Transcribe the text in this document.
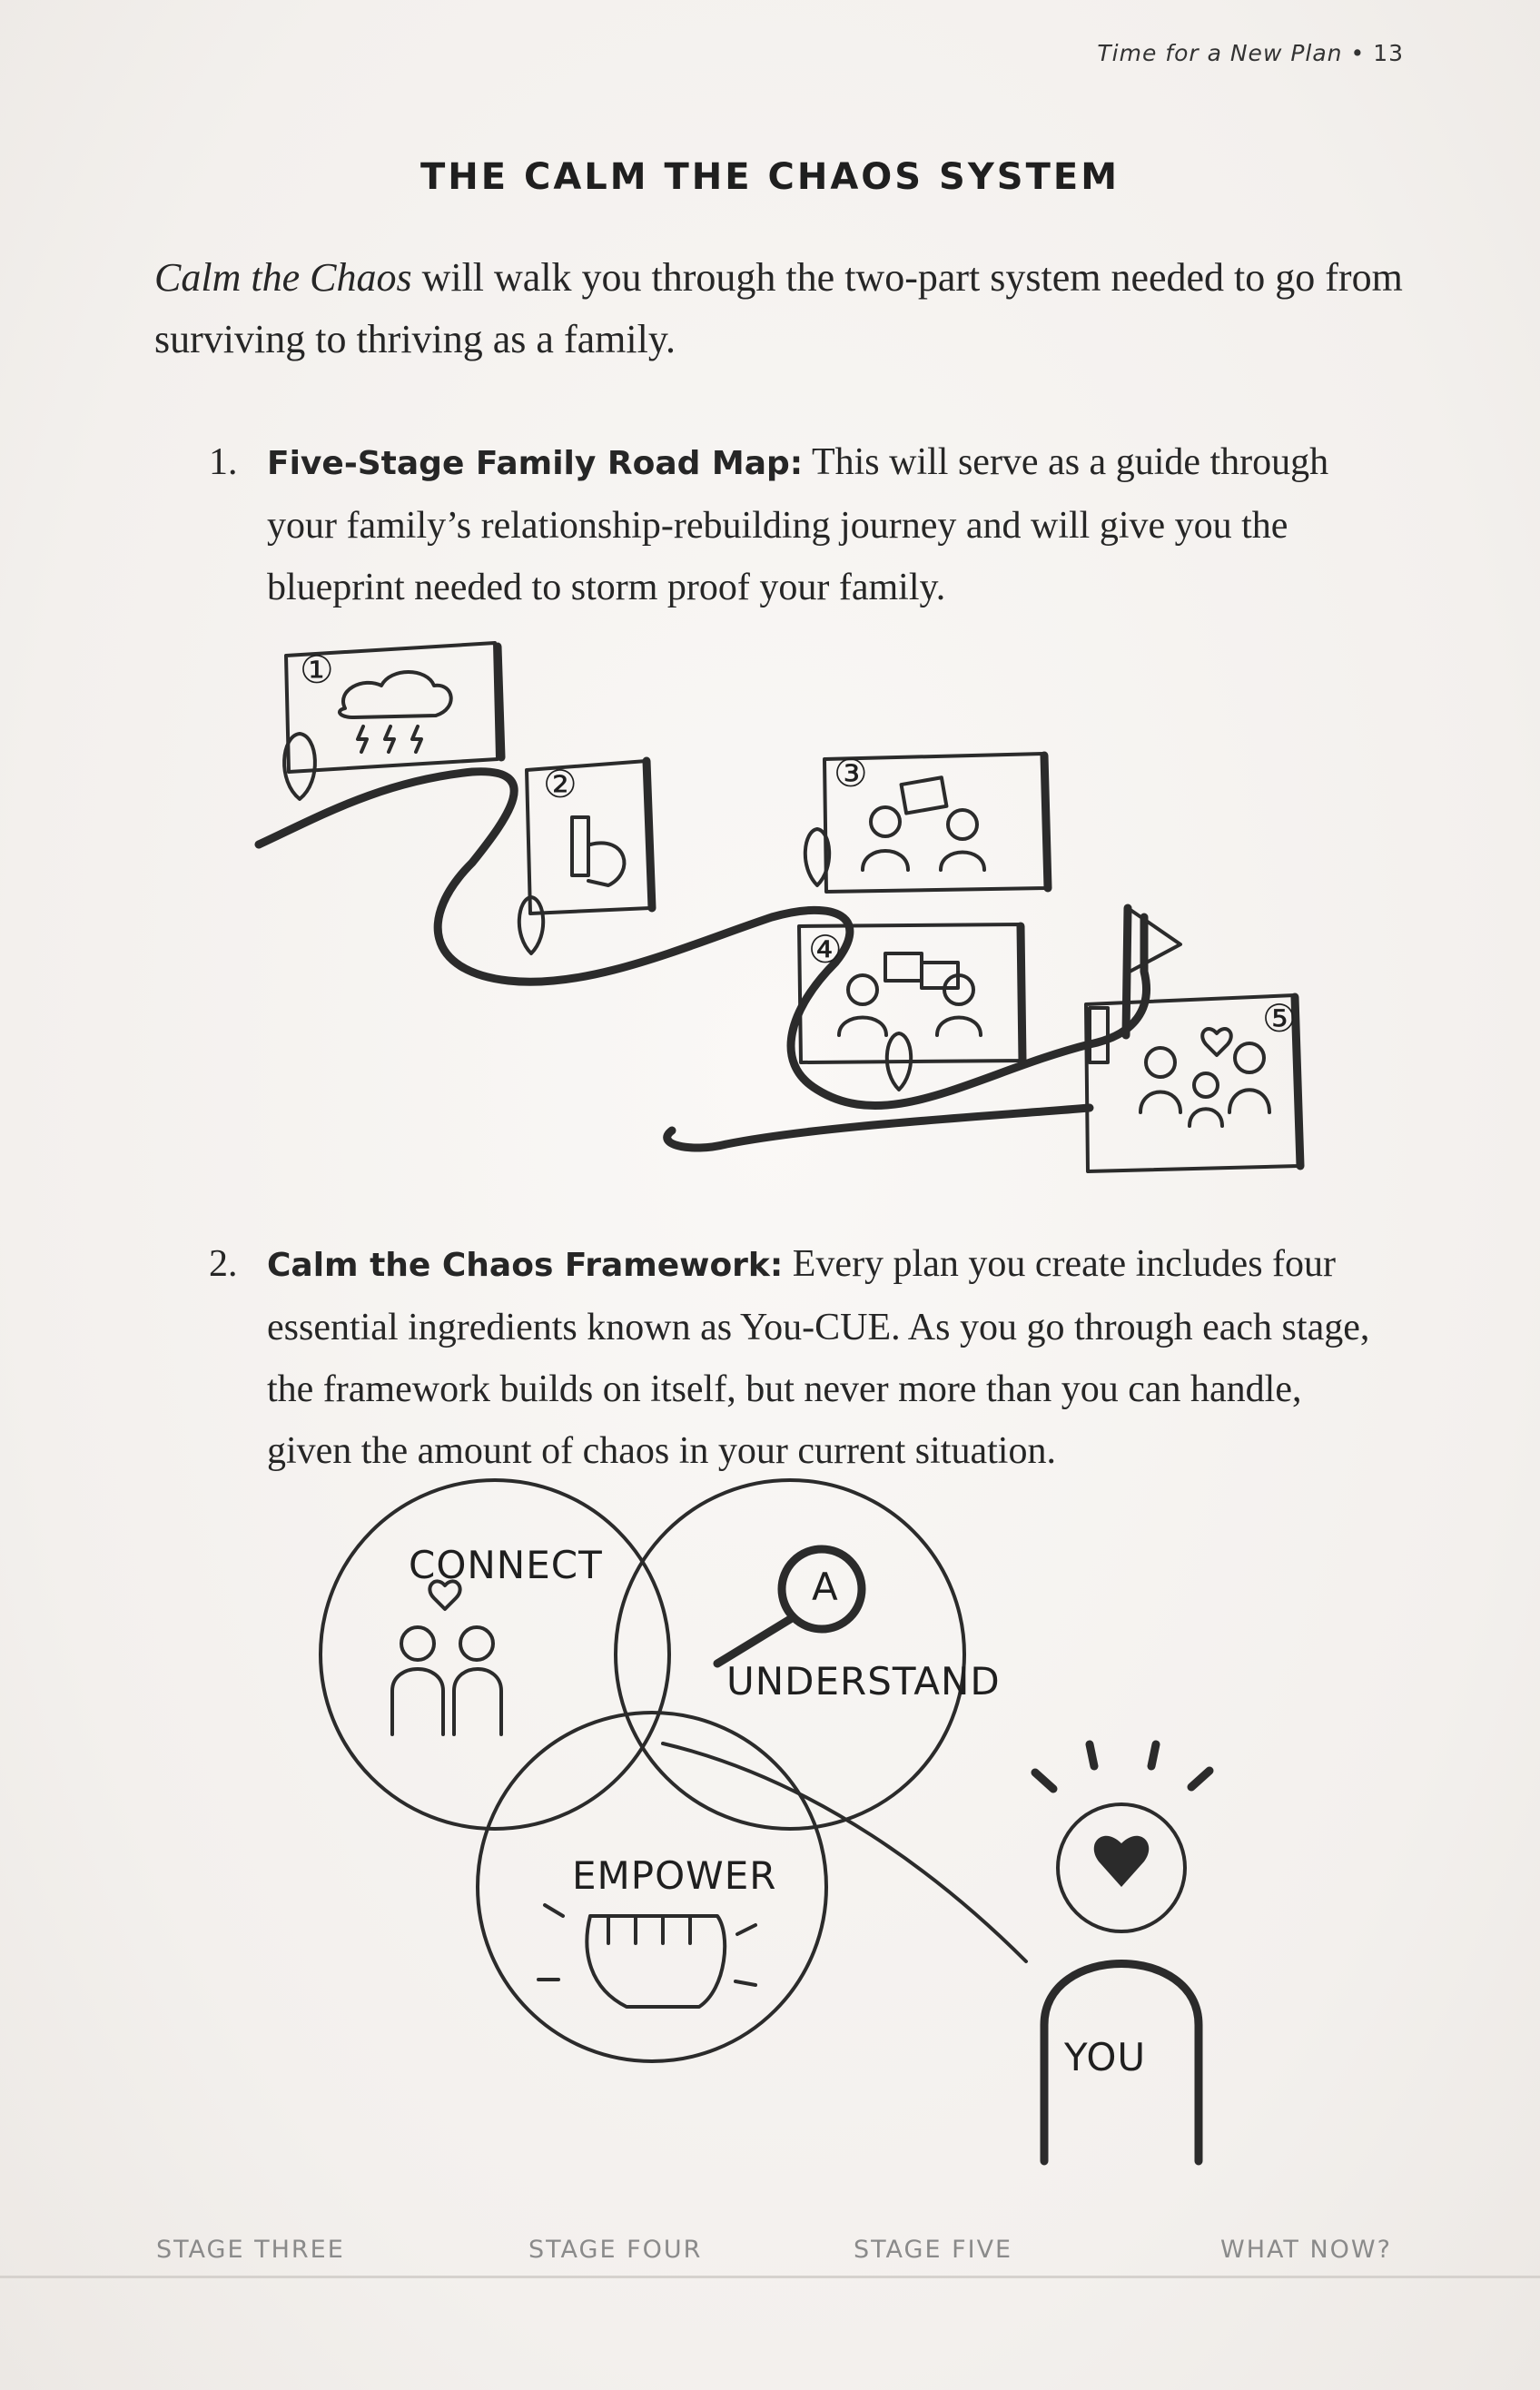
Time for a New Plan • 13
THE CALM THE CHAOS SYSTEM
Calm the Chaos will walk you through the two-part system needed to go from surviving to thriving as a family.
1. Five-Stage Family Road Map: This will serve as a guide through your family’s relationship-rebuilding journey and will give you the blueprint needed to storm proof your family.
①
②	③
④
⑤
2. Calm the Chaos Framework: Every plan you create includes four essential ingredients known as You-CUE. As you go through each stage, the framework builds on itself, but never more than you can handle, given the amount of chaos in your current situation.
CONNECT
UNDERSTAND
EMPOWER
A
YOU
STAGE THREE	STAGE FOUR	STAGE FIVE	WHAT NOW?
